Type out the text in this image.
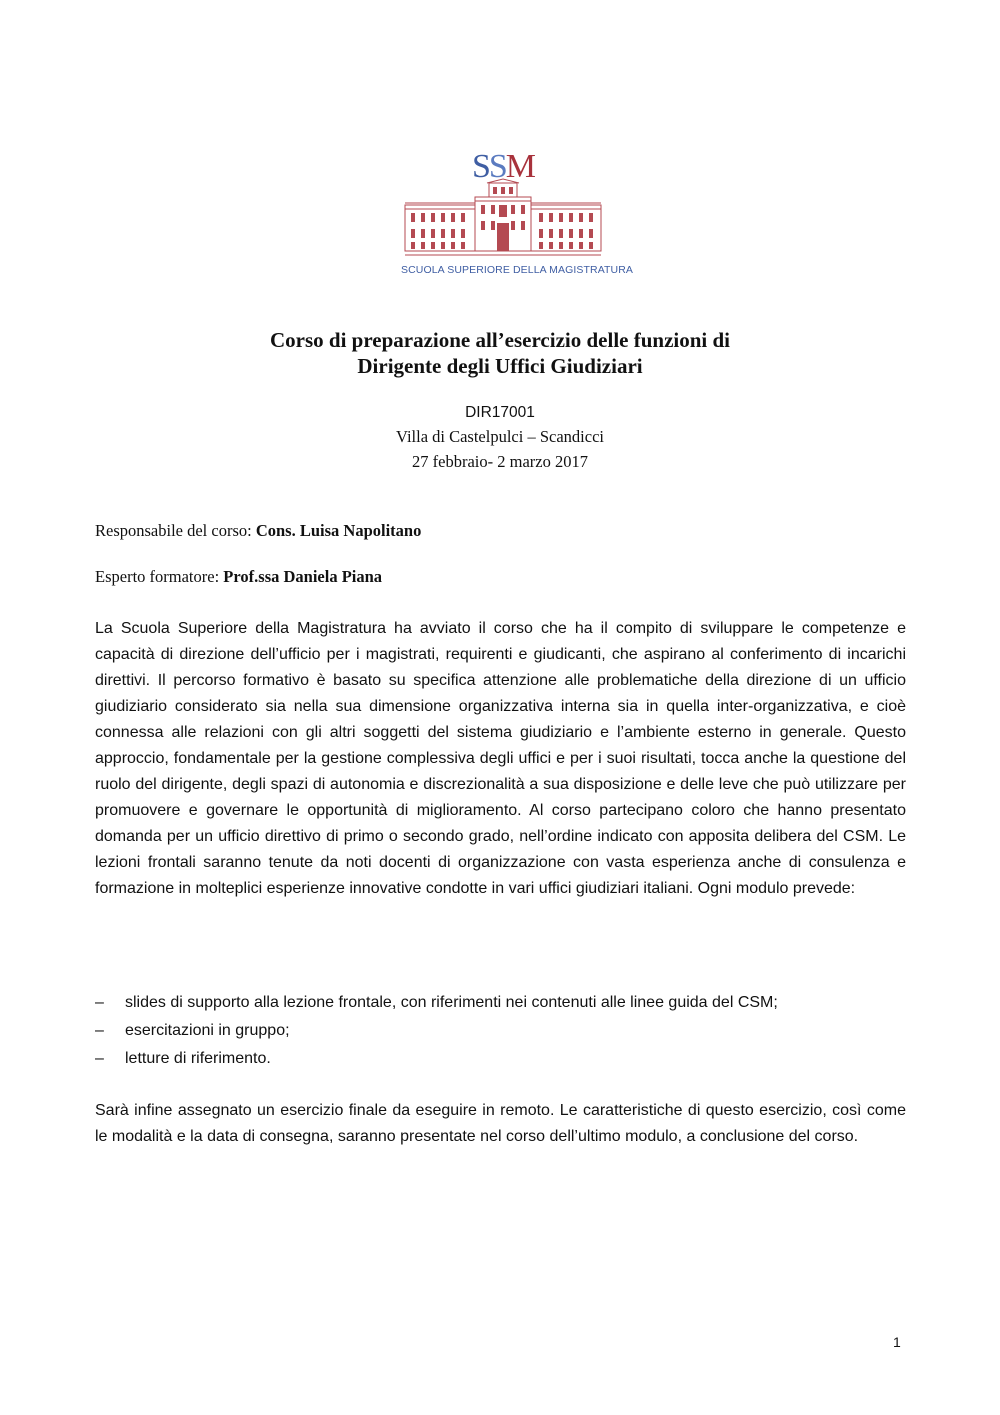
SSM
SCUOLA SUPERIORE DELLA MAGISTRATURA
Corso di preparazione all’esercizio delle funzioni di
Dirigente degli Uffici Giudiziari
DIR17001
Villa di Castelpulci – Scandicci
27 febbraio- 2 marzo 2017
Responsabile del corso: Cons. Luisa Napolitano
Esperto formatore: Prof.ssa Daniela Piana

La Scuola Superiore della Magistratura ha avviato il corso che ha il compito di sviluppare le competenze e capacità di direzione dell’ufficio per i magistrati, requirenti e giudicanti, che aspirano al conferimento di incarichi direttivi. Il percorso formativo è basato su specifica attenzione alle problematiche della direzione di un ufficio giudiziario considerato sia nella sua dimensione organizzativa interna sia in quella inter-organizzativa, e cioè connessa alle relazioni con gli altri soggetti del sistema giudiziario e l’ambiente esterno in generale. Questo approccio, fondamentale per la gestione complessiva degli uffici e per i suoi risultati, tocca anche la questione del ruolo del dirigente, degli spazi di autonomia e discrezionalità a sua disposizione e delle leve che può utilizzare per promuovere e governare le opportunità di miglioramento. Al corso partecipano coloro che hanno presentato domanda per un ufficio direttivo di primo o secondo grado, nell’ordine indicato con apposita delibera del CSM. Le lezioni frontali saranno tenute da noti docenti di organizzazione con vasta esperienza anche di consulenza e formazione in molteplici esperienze innovative condotte in vari uffici giudiziari italiani. Ogni modulo prevede:

– slides di supporto alla lezione frontale, con riferimenti nei contenuti alle linee guida del CSM;
– esercitazioni in gruppo;
– letture di riferimento.

Sarà infine assegnato un esercizio finale da eseguire in remoto. Le caratteristiche di questo esercizio, così come le modalità e la data di consegna, saranno presentate nel corso dell’ultimo modulo, a conclusione del corso.

1
